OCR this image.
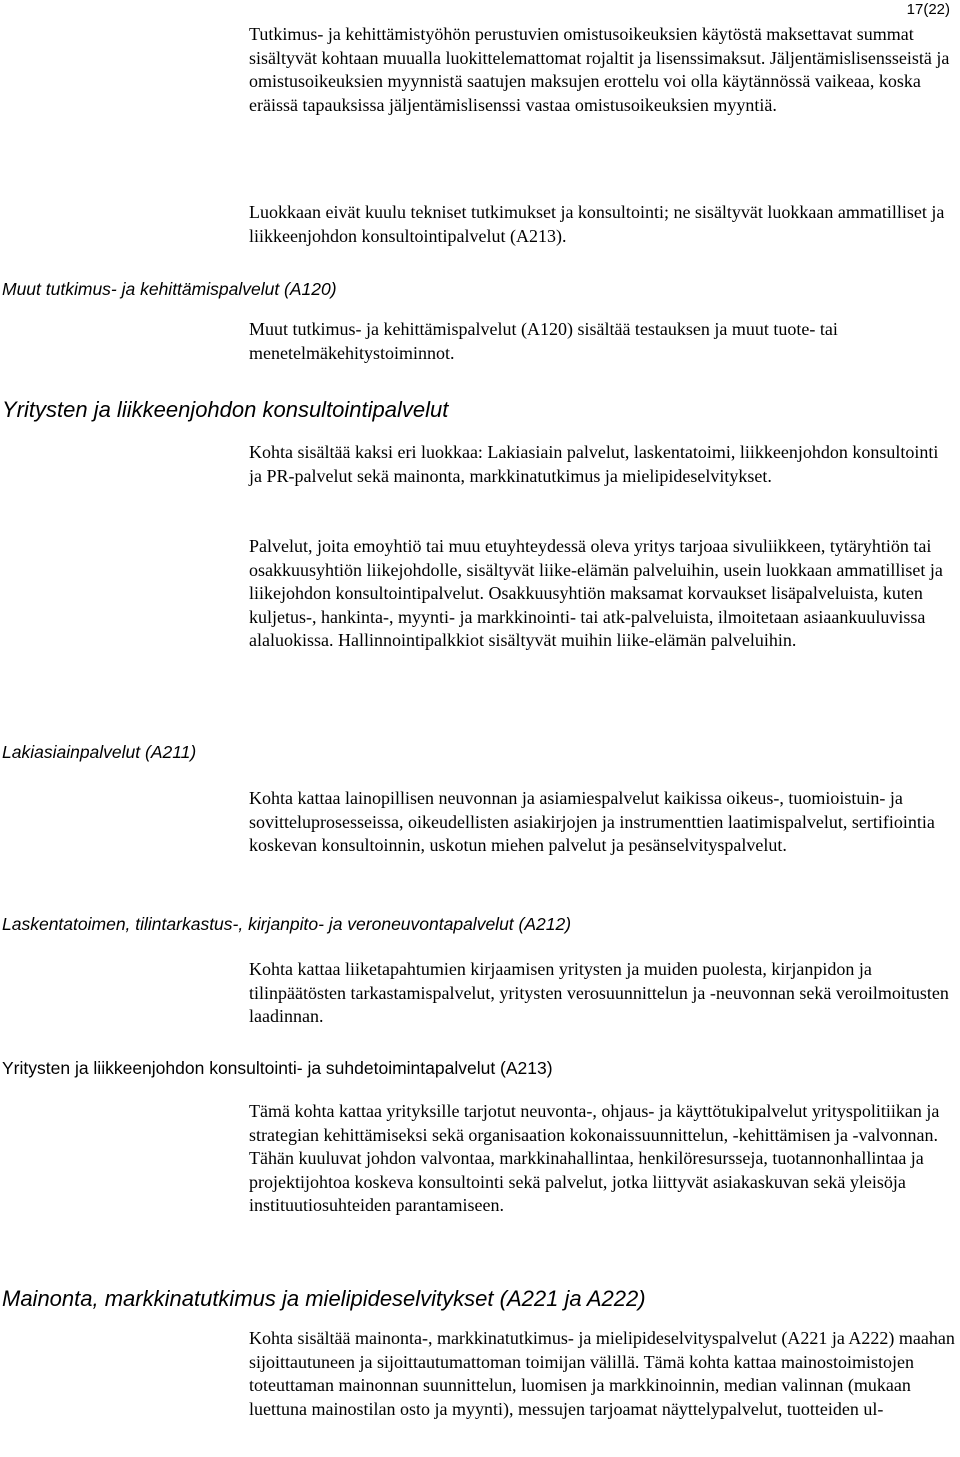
17(22)

Tutkimus- ja kehittämistyöhön perustuvien omistusoikeuksien käytöstä maksettavat summat sisältyvät kohtaan muualla luokittelemattomat rojaltit ja lisenssimaksut. Jäljentämislisensseistä ja omistusoikeuksien myynnistä saatujen maksujen erottelu voi olla käytännössä vaikeaa, koska eräissä tapauksissa jäljentämislisenssi vastaa omistusoikeuksien myyntiä.

Luokkaan eivät kuulu tekniset tutkimukset ja konsultointi; ne sisältyvät luokkaan ammatilliset ja liikkeenjohdon konsultointipalvelut (A213).

Muut tutkimus- ja kehittämispalvelut (A120)

Muut tutkimus- ja kehittämispalvelut (A120) sisältää testauksen ja muut tuote- tai menetelmäkehitystoiminnot.

Yritysten ja liikkeenjohdon konsultointipalvelut

Kohta sisältää kaksi eri luokkaa: Lakiasiain palvelut, laskentatoimi, liikkeenjohdon konsultointi ja PR-palvelut sekä mainonta, markkinatutkimus ja mielipideselvitykset.

Palvelut, joita emoyhtiö tai muu etuyhteydessä oleva yritys tarjoaa sivuliikkeen, tytäryhtiön tai osakkuusyhtiön liikejohdolle, sisältyvät liike-elämän palveluihin, usein luokkaan ammatilliset ja liikejohdon konsultointipalvelut. Osakkuusyhtiön maksamat korvaukset lisäpalveluista, kuten kuljetus-, hankinta-, myynti- ja markkinointi- tai atk-palveluista, ilmoitetaan asiaankuuluvissa alaluokissa. Hallinnointipalkkiot sisältyvät muihin liike-elämän palveluihin.

Lakiasiainpalvelut (A211)

Kohta kattaa lainopillisen neuvonnan ja asiamiespalvelut kaikissa oikeus-, tuomioistuin- ja sovitteluprosesseissa, oikeudellisten asiakirjojen ja instrumenttien laatimispalvelut, sertifiointia koskevan konsultoinnin, uskotun miehen palvelut ja pesänselvityspalvelut.

Laskentatoimen, tilintarkastus-, kirjanpito- ja veroneuvontapalvelut (A212)

Kohta kattaa liiketapahtumien kirjaamisen yritysten ja muiden puolesta, kirjanpidon ja tilinpäätösten tarkastamispalvelut, yritysten verosuunnittelun ja -neuvonnan sekä veroilmoitusten laadinnan.

Yritysten ja liikkeenjohdon konsultointi- ja suhdetoimintapalvelut (A213)

Tämä kohta kattaa yrityksille tarjotut neuvonta-, ohjaus- ja käyttötukipalvelut yrityspolitiikan ja strategian kehittämiseksi sekä organisaation kokonaissuunnittelun, -kehittämisen ja -valvonnan. Tähän kuuluvat johdon valvontaa, markkinahallintaa, henkilöresursseja, tuotannonhallintaa ja projektijohtoa koskeva konsultointi sekä palvelut, jotka liittyvät asiakaskuvan sekä yleisöja instituutiosuhteiden parantamiseen.

Mainonta, markkinatutkimus ja mielipideselvitykset (A221 ja A222)

Kohta sisältää mainonta-, markkinatutkimus- ja mielipideselvityspalvelut (A221 ja A222) maahan sijoittautuneen ja sijoittautumattoman toimijan välillä. Tämä kohta kattaa mainostoimistojen toteuttaman mainonnan suunnittelun, luomisen ja markkinoinnin, median valinnan (mukaan luettuna mainostilan osto ja myynti), messujen tarjoamat näyttelypalvelut, tuotteiden ul-
